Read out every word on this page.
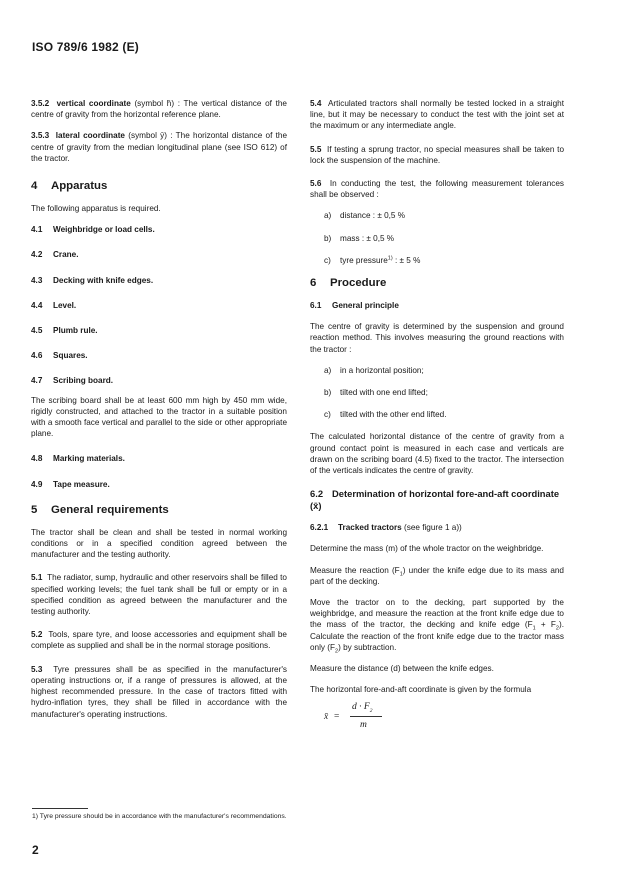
ISO 789/6 1982 (E)
3.5.2 vertical coordinate (symbol h̄) : The vertical distance of the centre of gravity from the horizontal reference plane.
3.5.3 lateral coordinate (symbol ȳ) : The horizontal distance of the centre of gravity from the median longitudinal plane (see ISO 612) of the tractor.
4 Apparatus
The following apparatus is required.
4.1 Weighbridge or load cells.
4.2 Crane.
4.3 Decking with knife edges.
4.4 Level.
4.5 Plumb rule.
4.6 Squares.
4.7 Scribing board.
The scribing board shall be at least 600 mm high by 450 mm wide, rigidly constructed, and attached to the tractor in a suitable position with a smooth face vertical and parallel to the side or other appropriate plane.
4.8 Marking materials.
4.9 Tape measure.
5 General requirements
The tractor shall be clean and shall be tested in normal working conditions or in a specified condition agreed between the manufacturer and the testing authority.
5.1 The radiator, sump, hydraulic and other reservoirs shall be filled to specified working levels; the fuel tank shall be full or empty or in a specified condition as agreed between the manufacturer and the testing authority.
5.2 Tools, spare tyre, and loose accessories and equipment shall be complete as supplied and shall be in the normal storage positions.
5.3 Tyre pressures shall be as specified in the manufacturer's operating instructions or, if a range of pressures is allowed, at the highest recommended pressure. In the case of tractors fitted with hydro-inflation tyres, they shall be filled in accordance with the manufacturer's operating instructions.
5.4 Articulated tractors shall normally be tested locked in a straight line, but it may be necessary to conduct the test with the joint set at the maximum or any intermediate angle.
5.5 If testing a sprung tractor, no special measures shall be taken to lock the suspension of the machine.
5.6 In conducting the test, the following measurement tolerances shall be observed :
a) distance : ± 0,5 %
b) mass : ± 0,5 %
c) tyre pressure$^{1)}$ : ± 5 %
6 Procedure
6.1 General principle
The centre of gravity is determined by the suspension and ground reaction method. This involves measuring the ground reactions with the tractor :
a) in a horizontal position;
b) tilted with one end lifted;
c) tilted with the other end lifted.
The calculated horizontal distance of the centre of gravity from a ground contact point is measured in each case and verticals are drawn on the scribing board (4.5) fixed to the tractor. The intersection of the verticals indicates the centre of gravity.
6.2 Determination of horizontal fore-and-aft coordinate (x̄)
6.2.1 Tracked tractors (see figure 1 a))
Determine the mass (m) of the whole tractor on the weighbridge.
Measure the reaction $(F_1)$ under the knife edge due to its mass and part of the decking.
Move the tractor on to the decking, part supported by the weighbridge, and measure the reaction at the front knife edge due to the mass of the tractor, the decking and knife edge $(F_1 + F_2)$. Calculate the reaction of the front knife edge due to the tractor mass only $(F_2)$ by subtraction.
Measure the distance (d) between the knife edges.
The horizontal fore-and-aft coordinate is given by the formula
x̄ =
$d \cdot F_2$
m
1) Tyre pressure should be in accordance with the manufacturer's recommendations.
2
